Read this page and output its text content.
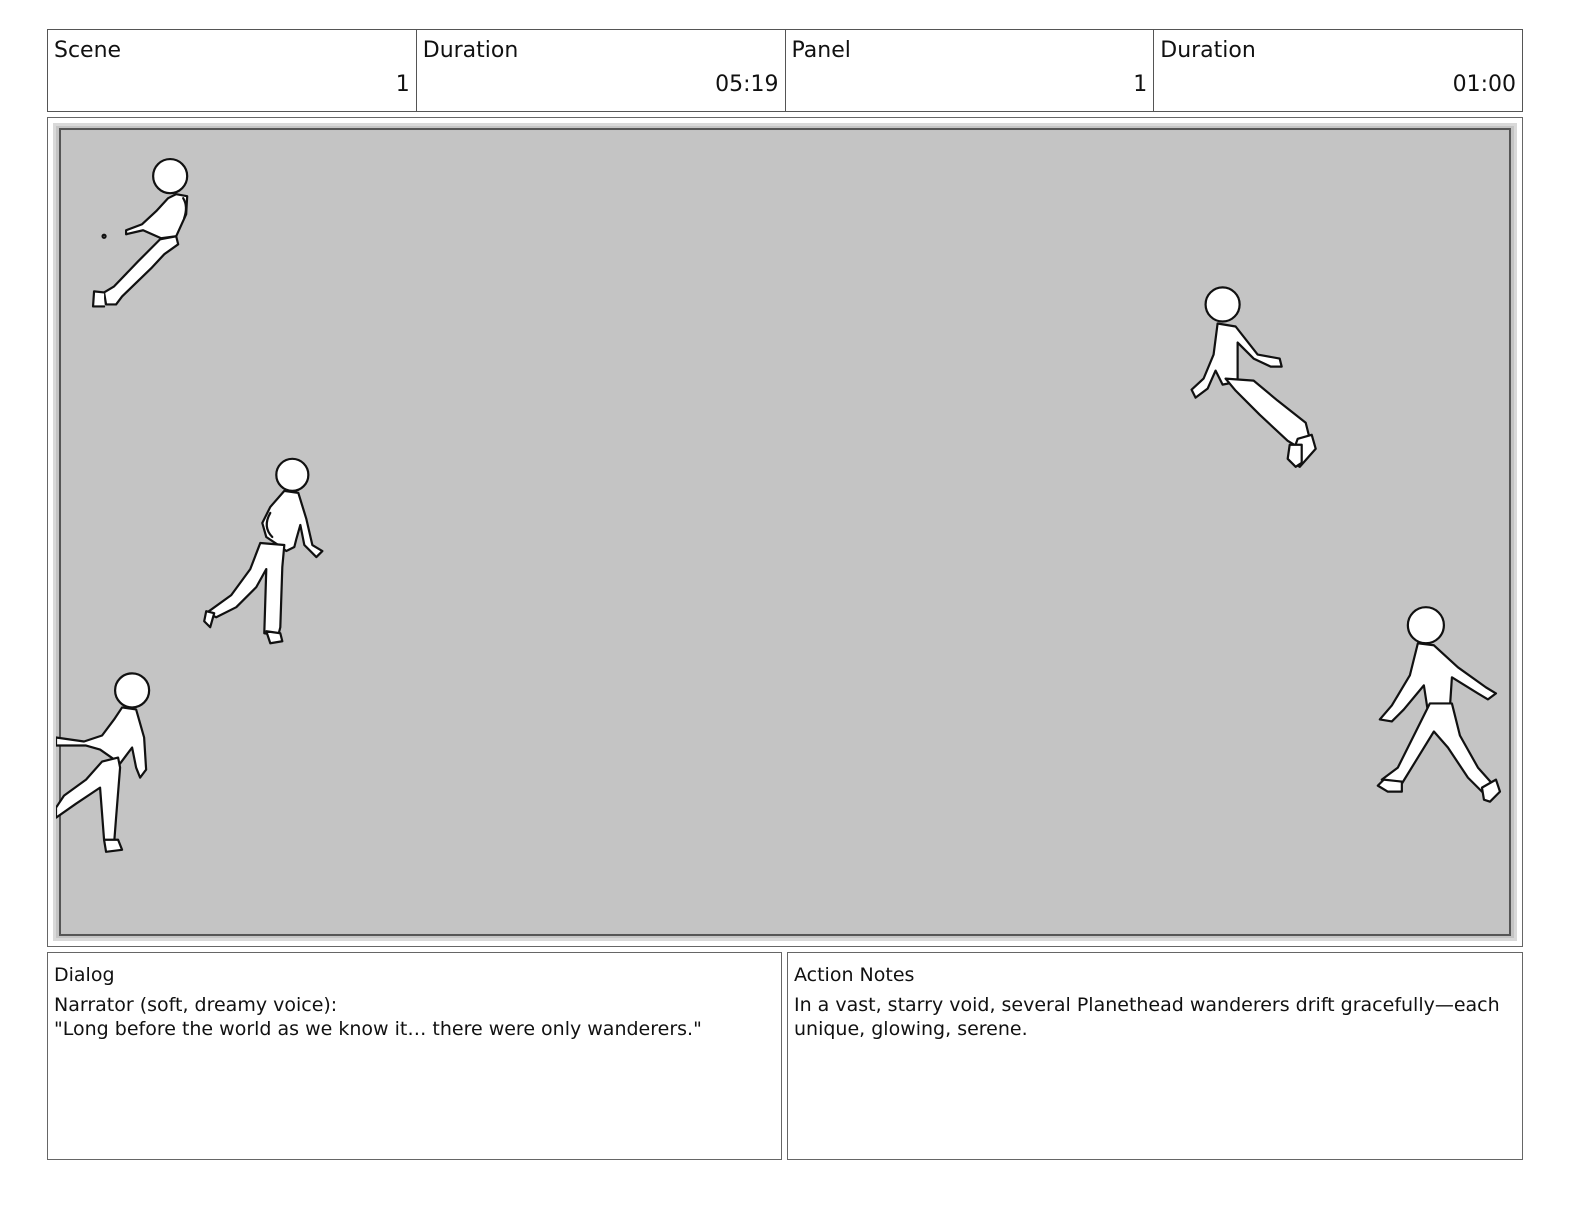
Scene
1
Duration
05:19
Panel
1
Duration
01:00
Dialog
Narrator (soft, dreamy voice):
"Long before the world as we know it… there were only wanderers."
Action Notes
In a vast, starry void, several Planethead wanderers drift gracefully—each unique, glowing, serene.
